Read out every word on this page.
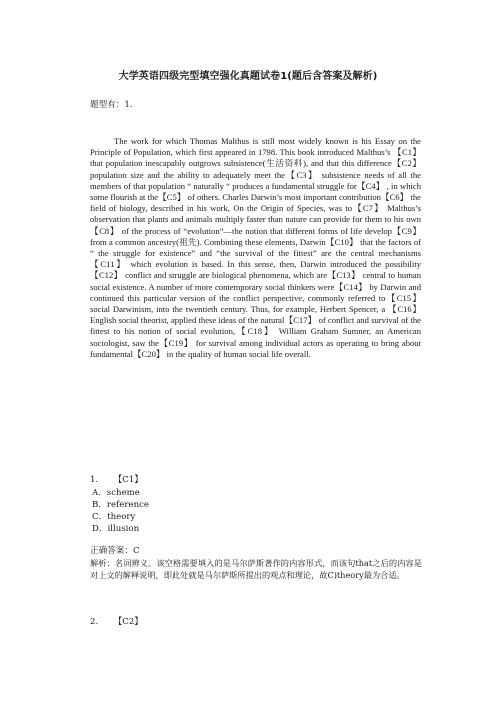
大学英语四级完型填空强化真题试卷1(题后含答案及解析)
题型有：1.

The work for which Thomas Malthus is still most widely known is his Essay on the Principle of Population, which first appeared in 1798. This book introduced Malthus’s 【C1】 that population inescapably outgrows subsistence(生活资料), and that this difference【C2】 population size and the ability to adequately meet the【C3】 subsistence needs of all the members of that population “ naturally “ produces a fundamental struggle for【C4】 , in which some flourish at the【C5】 of others. Charles Darwin’s most important contribution【C6】 the field of biology, described in his work, On the Origin of Species, was to【C7】 Malthus’s observation that plants and animals multiply faster than nature can provide for them to his own【C8】 of the process of “evolution”—the notion that different forms of life develop【C9】 from a common ancestry(祖先). Combining these elements, Darwin【C10】 that the factors of “ the struggle for existence” and “the survival of the fittest” are the central mechanisms【C11】 which evolution is based. In this sense, then, Darwin introduced the possibility【C12】 conflict and struggle are biological phenomena, which are【C13】 central to human social existence. A number of more contemporary social thinkers were【C14】 by Darwin and continued this particular version of the conflict perspective, commonly referred to【C15】 social Darwinism, into the twentieth century. Thus, for example, Herbert Spencer, a 【C16】 English social theorist, applied these ideas of the natural【C17】 of conflict and survival of the fittest to his notion of social evolution,【C18】 William Graham Sumner, an American sociologist, saw the【C19】 for survival among individual actors as operating to bring about fundamental【C20】 in the quality of human social life overall.

1. 【C1】
A．scheme
B．reference
C．theory
D．illusion
正确答案：C
解析：名词辨义。该空格需要填入的是马尔萨斯著作的内容形式，而该句that之后的内容是对上文的解释说明，即此处就是马尔萨斯所提出的观点和理论，故C)theory最为合适。
2. 【C2】
